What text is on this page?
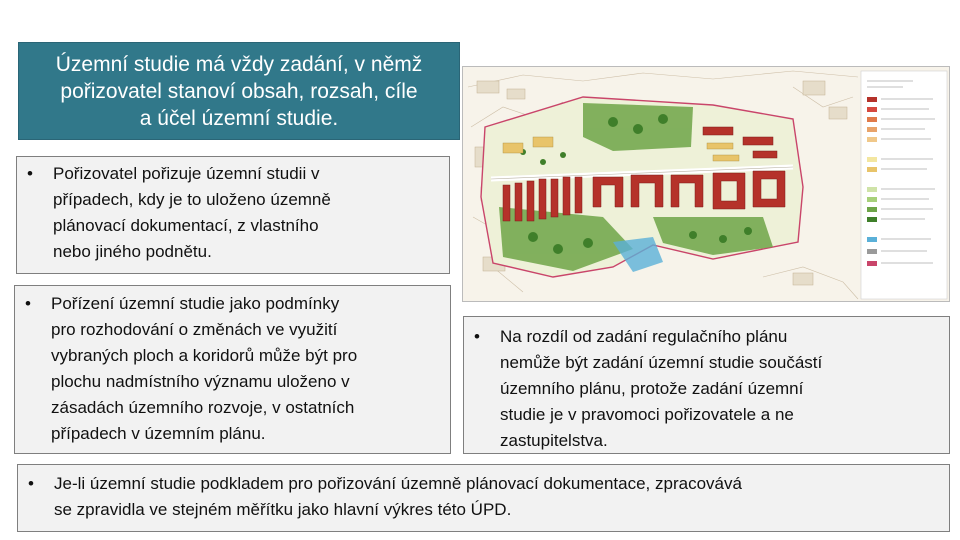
Územní studie má vždy zadání, v němž
pořizovatel stanoví obsah, rozsah, cíle
a účel územní studie.
•	Pořizovatel pořizuje územní studii v
případech, kdy je to uloženo územně
plánovací dokumentací, z vlastního
nebo jiného podnětu.
•	Pořízení územní studie jako podmínky
pro rozhodování o změnách ve využití
vybraných ploch a koridorů může být pro
plochu nadmístního významu uloženo v
zásadách územního rozvoje, v ostatních
případech v územním plánu.
•	Na rozdíl od zadání regulačního plánu
nemůže být zadání územní studie součástí
územního plánu, protože zadání územní
studie je v pravomoci pořizovatele a ne
zastupitelstva.
•	Je-li územní studie podkladem pro pořizování územně plánovací dokumentace, zpracovává
se zpravidla ve stejném měřítku jako hlavní výkres této ÚPD.
